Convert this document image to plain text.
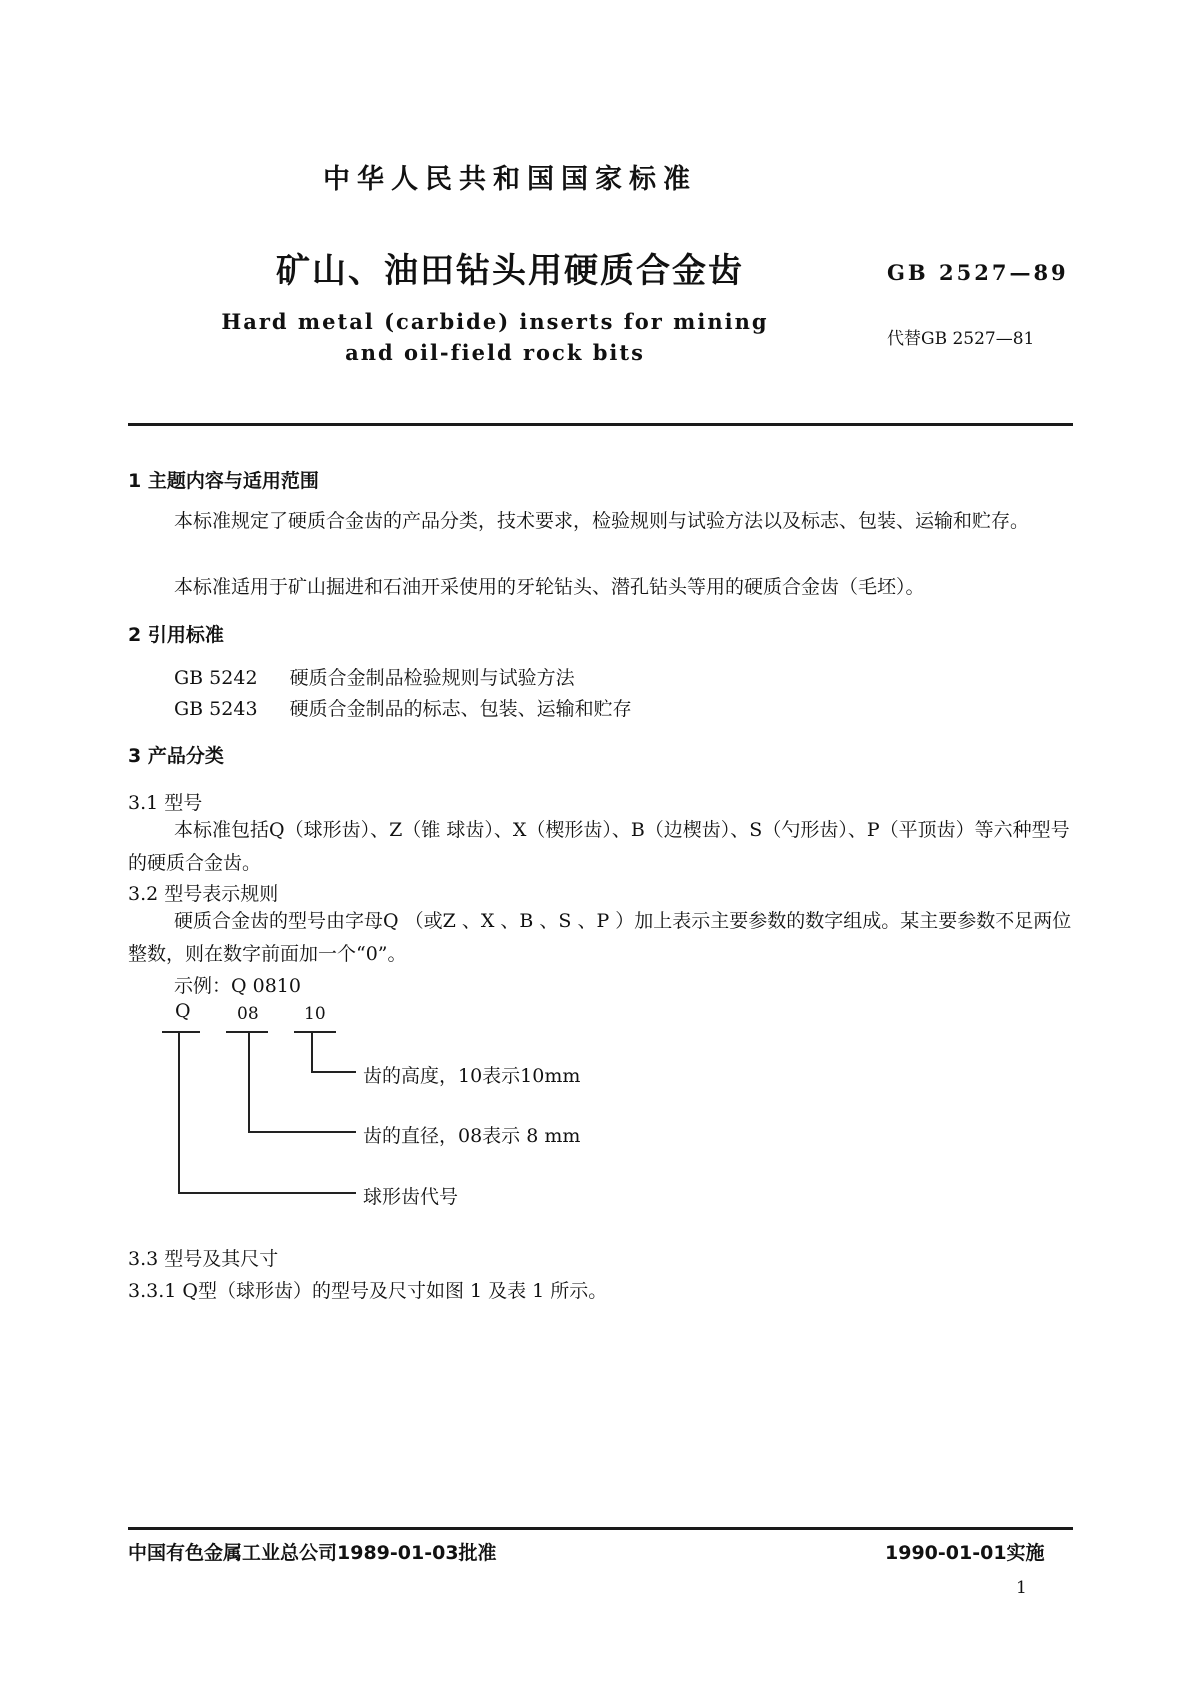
中华人民共和国国家标准
矿山、油田钻头用硬质合金齿	GB 2527—89
Hard metal (carbide) inserts for mining
and oil-field rock bits
代替GB 2527—81
1 主题内容与适用范围
本标准规定了硬质合金齿的产品分类，技术要求，检验规则与试验方法以及标志、包装、运输和贮存。
本标准适用于矿山掘进和石油开采使用的牙轮钻头、潜孔钻头等用的硬质合金齿（毛坯）。
2 引用标准
GB 5242 硬质合金制品检验规则与试验方法
GB 5243 硬质合金制品的标志、包装、运输和贮存
3 产品分类
3.1 型号
本标准包括Q（球形齿）、Z（锥 球齿）、X（楔形齿）、B（边楔齿）、S（勺形齿）、P（平顶齿）等六种型号的硬质合金齿。
3.2 型号表示规则
硬质合金齿的型号由字母Q （或Z 、X 、B 、S 、P ）加上表示主要参数的数字组成。某主要参数不足两位整数，则在数字前面加一个“0”。
示例：Q 0810
Q	08	10
齿的高度，10表示10mm
齿的直径，08表示 8 mm
球形齿代号
3.3 型号及其尺寸
3.3.1 Q型（球形齿）的型号及尺寸如图 1 及表 1 所示。
中国有色金属工业总公司1989-01-03批准	1990-01-01实施
1
